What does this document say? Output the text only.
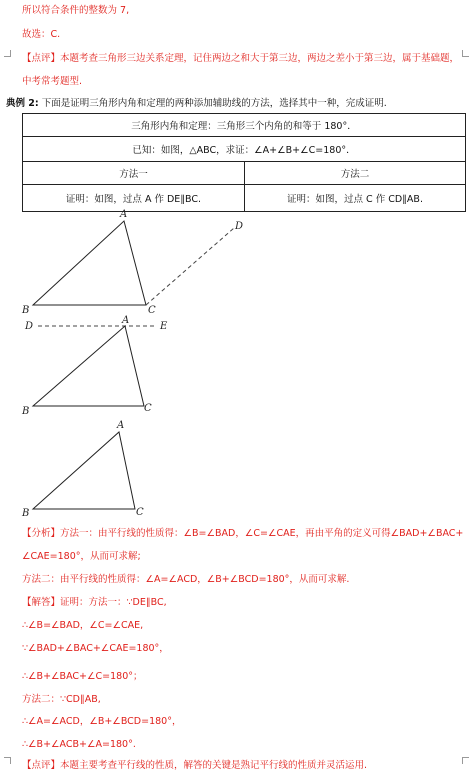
所以符合条件的整数为 7,
故选：C.
【点评】本题考查三角形三边关系定理，记住两边之和大于第三边，两边之差小于第三边，属于基础题，
中考常考题型.
典例 2: 下面是证明三角形内角和定理的两种添加辅助线的方法，选择其中一种，完成证明.
三角形内角和定理：三角形三个内角的和等于 180°．	
已知：如图，△ABC，求证：∠A+∠B+∠C=180°．	
方法一	方法二
证明：如图，过点 A 作 DE∥BC.	证明：如图，过点 C 作 CD∥AB.
A
B	C
D
D
A
E
B	C
A
B	C
【分析】方法一：由平行线的性质得：∠B=∠BAD，∠C=∠CAE，再由平角的定义可得∠BAD+∠BAC+
∠CAE=180°，从而可求解;
方法二：由平行线的性质得：∠A=∠ACD，∠B+∠BCD=180°，从而可求解.
【解答】证明：方法一：∵DE∥BC,
∴∠B=∠BAD，∠C=∠CAE,
∵∠BAD+∠BAC+∠CAE=180°，
∴∠B+∠BAC+∠C=180°；
方法二：∵CD∥AB,
∴∠A=∠ACD，∠B+∠BCD=180°，
∴∠B+∠ACB+∠A=180°.
【点评】本题主要考查平行线的性质，解答的关键是熟记平行线的性质并灵活运用.
